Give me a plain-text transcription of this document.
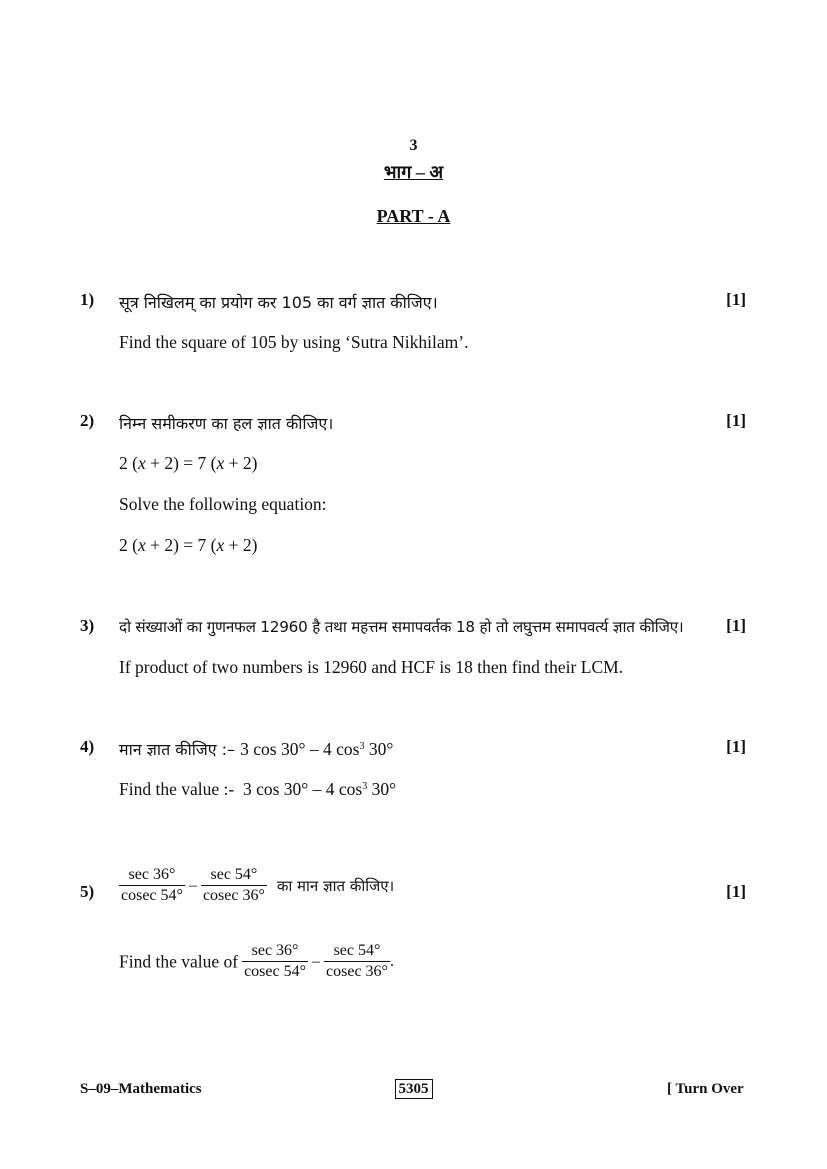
3
भाग – अ
PART - A
1) सूत्र निखिलम् का प्रयोग कर 105 का वर्ग ज्ञात कीजिए।	[1]
Find the square of 105 by using ‘Sutra Nikhilam’.
2) निम्न समीकरण का हल ज्ञात कीजिए।	[1]
2 (x + 2) = 7 (x + 2)
Solve the following equation:
2 (x + 2) = 7 (x + 2)
3) दो संख्याओं का गुणनफल 12960 है तथा महत्तम समापवर्तक 18 हो तो लघुत्तम समापवर्त्य ज्ञात कीजिए।	[1]
If product of two numbers is 12960 and HCF is 18 then find their LCM.
4) मान ज्ञात कीजिए :– 3 cos 30° – 4 $\cos^3 30^\circ$	[1]
Find the value :- 3 cos 30° – 4 $\cos^3 30^\circ$
$5) \frac{\sec 36^\circ}{cosec 54^\circ} - \frac{\sec 54^\circ}{cosec 36^\circ}$ का मान ज्ञात कीजिए।	[1]
Find the value of $\frac{\sec 36^\circ}{cosec 54^\circ} - \frac{\sec 54^\circ}{cosec 36^\circ}$ .
S–09–Mathematics	5305	[ Turn Over
